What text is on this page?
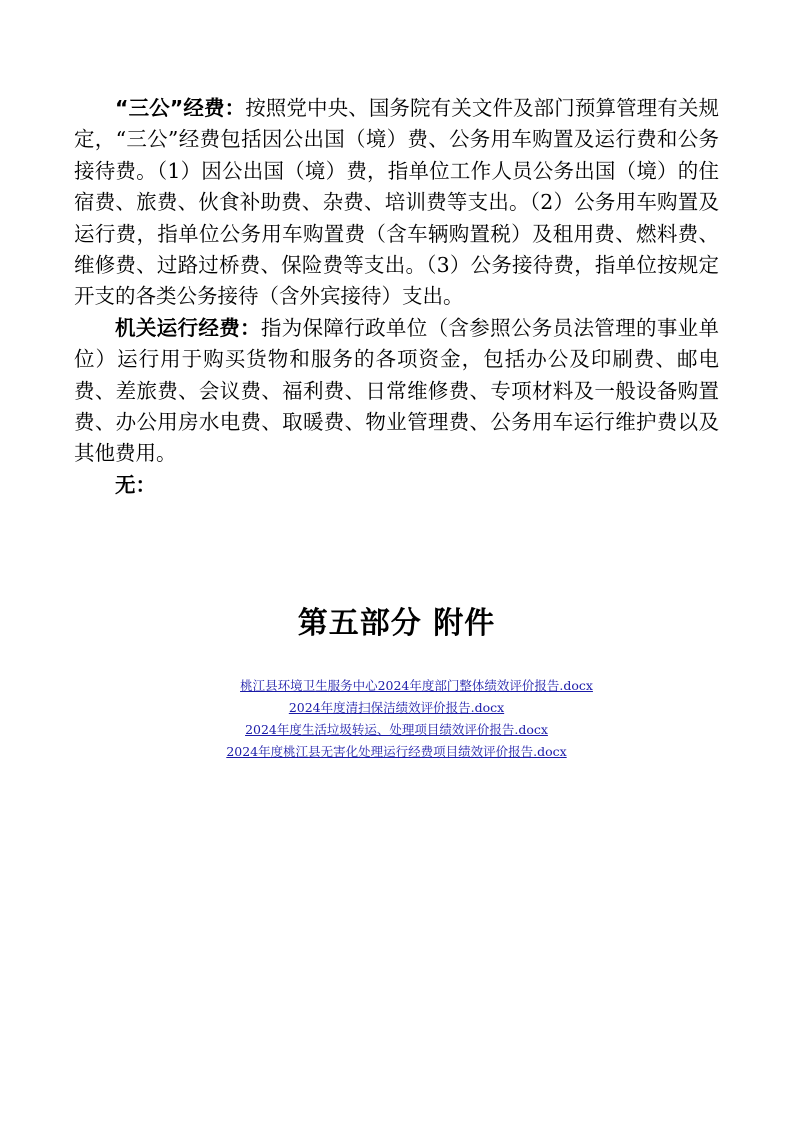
“三公”经费：按照党中央、国务院有关文件及部门预算管理有关规定，“三公”经费包括因公出国（境）费、公务用车购置及运行费和公务接待费。（1）因公出国（境）费，指单位工作人员公务出国（境）的住宿费、旅费、伙食补助费、杂费、培训费等支出。（2）公务用车购置及运行费，指单位公务用车购置费（含车辆购置税）及租用费、燃料费、维修费、过路过桥费、保险费等支出。（3）公务接待费，指单位按规定开支的各类公务接待（含外宾接待）支出。

机关运行经费：指为保障行政单位（含参照公务员法管理的事业单位）运行用于购买货物和服务的各项资金，包括办公及印刷费、邮电费、差旅费、会议费、福利费、日常维修费、专项材料及一般设备购置费、办公用房水电费、取暖费、物业管理费、公务用车运行维护费以及其他费用。

无：

第五部分 附件
桃江县环境卫生服务中心2024年度部门整体绩效评价报告.docx
2024年度清扫保洁绩效评价报告.docx
2024年度生活垃圾转运、处理项目绩效评价报告.docx
2024年度桃江县无害化处理运行经费项目绩效评价报告.docx
